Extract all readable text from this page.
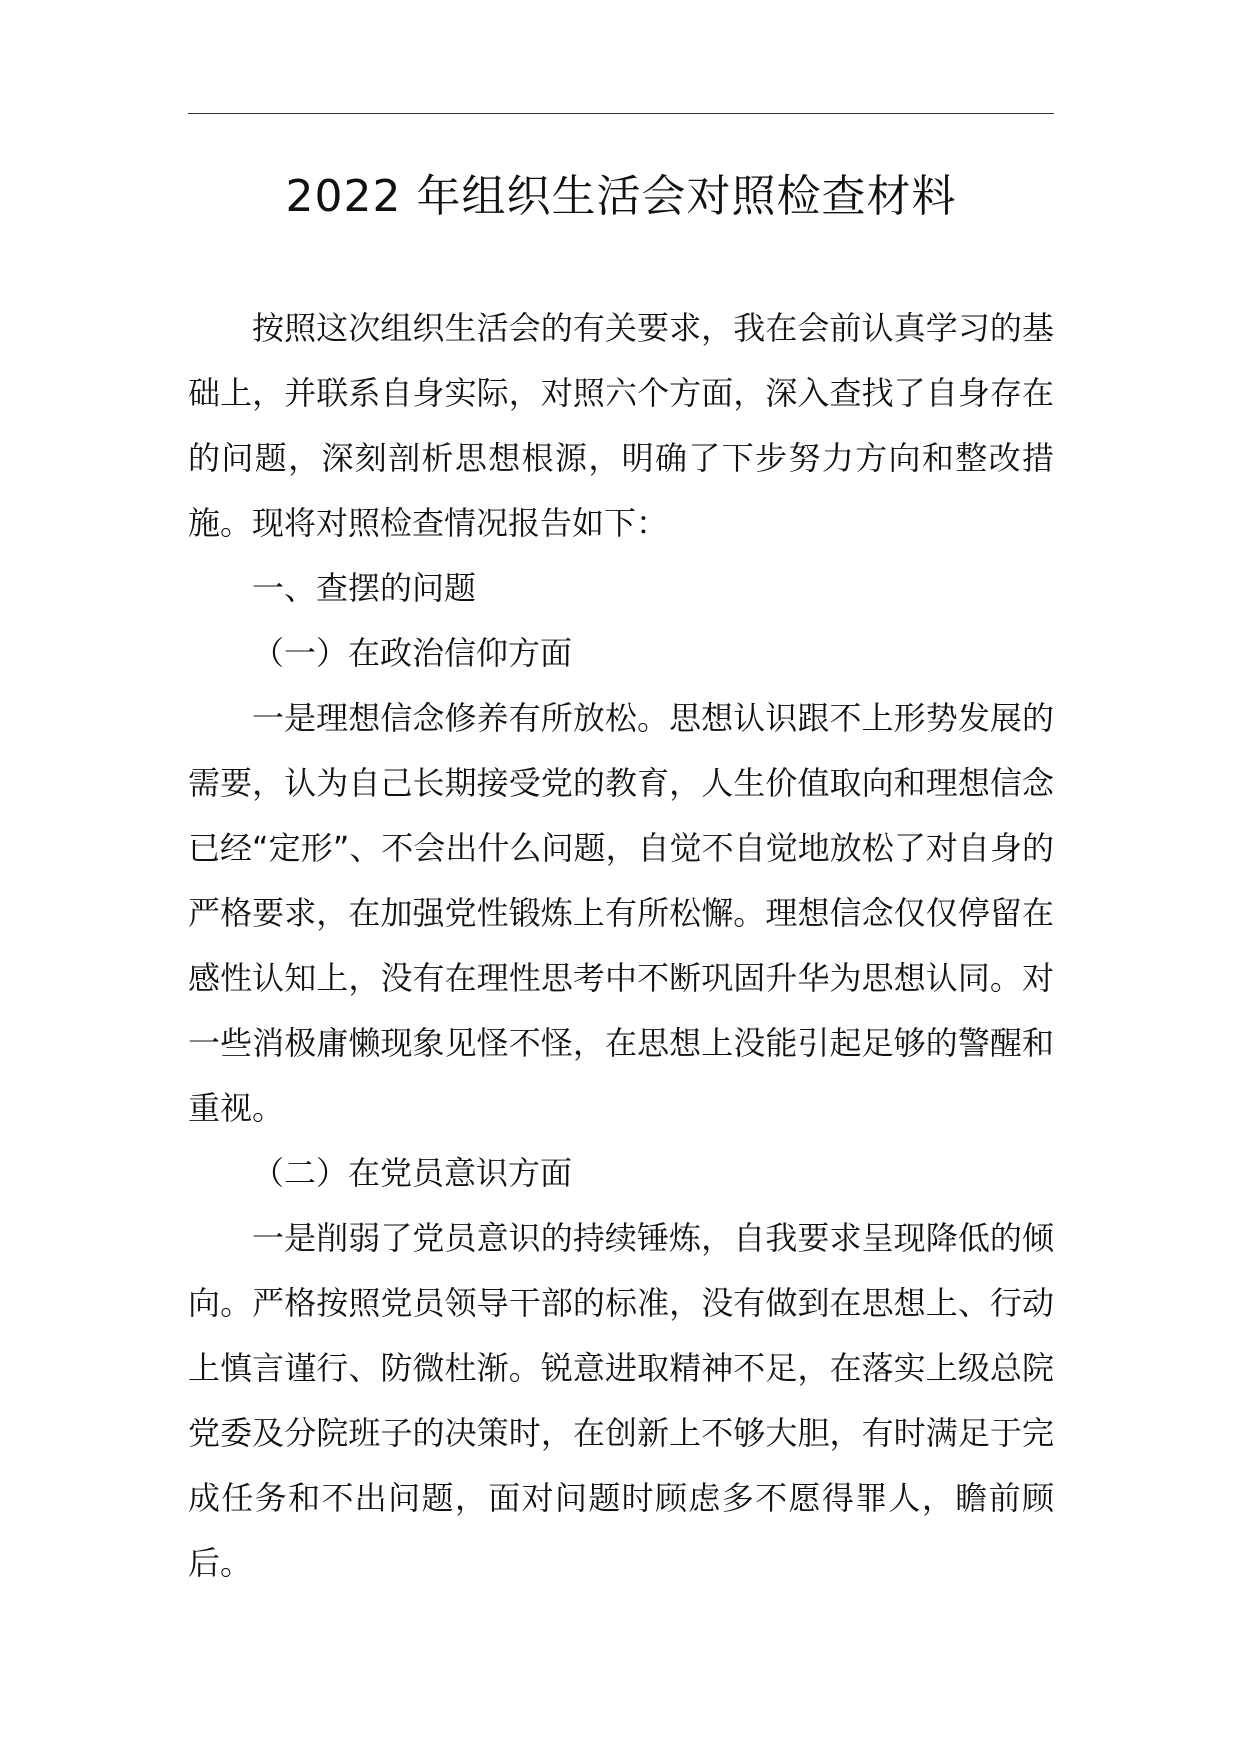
2022 年组织生活会对照检查材料

按照这次组织生活会的有关要求，我在会前认真学习的基础上，并联系自身实际，对照六个方面，深入查找了自身存在的问题，深刻剖析思想根源，明确了下步努力方向和整改措施。现将对照检查情况报告如下：

一、查摆的问题

（一）在政治信仰方面

一是理想信念修养有所放松。思想认识跟不上形势发展的需要，认为自己长期接受党的教育，人生价值取向和理想信念已经“定形”、不会出什么问题，自觉不自觉地放松了对自身的严格要求，在加强党性锻炼上有所松懈。理想信念仅仅停留在感性认知上，没有在理性思考中不断巩固升华为思想认同。对一些消极庸懒现象见怪不怪，在思想上没能引起足够的警醒和重视。

（二）在党员意识方面

一是削弱了党员意识的持续锤炼，自我要求呈现降低的倾向。严格按照党员领导干部的标准，没有做到在思想上、行动上慎言谨行、防微杜渐。锐意进取精神不足，在落实上级总院党委及分院班子的决策时，在创新上不够大胆，有时满足于完成任务和不出问题，面对问题时顾虑多不愿得罪人，瞻前顾后。
